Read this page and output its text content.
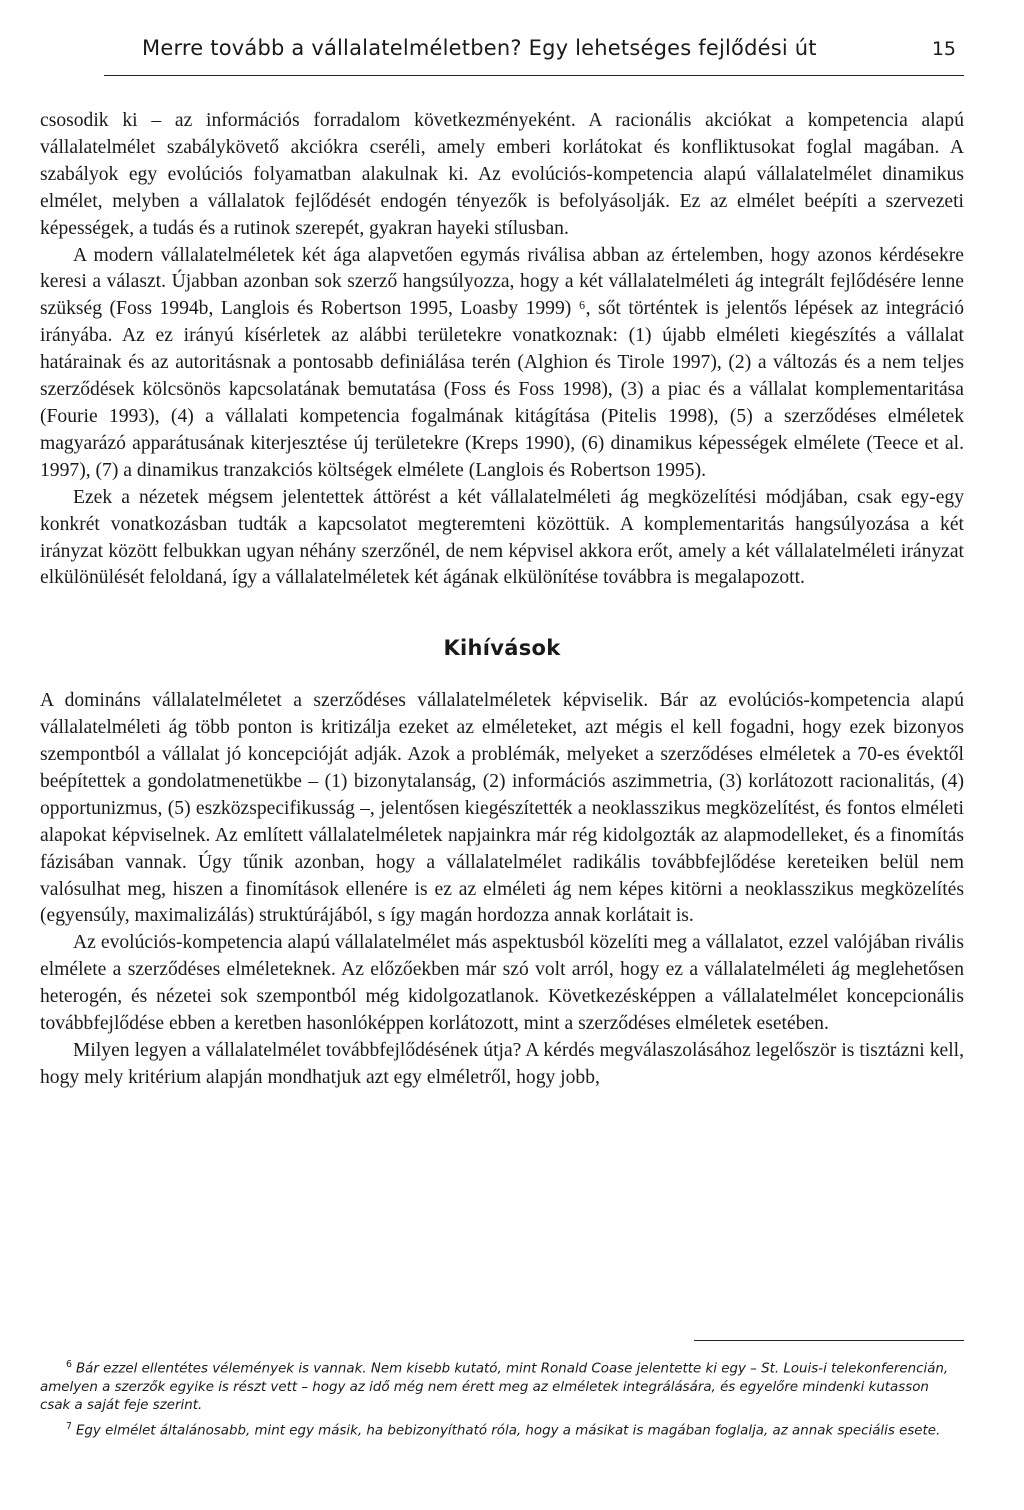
Merre tovább a vállalatelméletben? Egy lehetséges fejlődési út	15

csosodik ki – az információs forradalom következményeként. A racionális akciókat a kompetencia alapú vállalatelmélet szabálykövető akciókra cseréli, amely emberi korlátokat és konfliktusokat foglal magában. A szabályok egy evolúciós folyamatban alakulnak ki. Az evolúciós-kompetencia alapú vállalatelmélet dinamikus elmélet, melyben a vállalatok fejlődését endogén tényezők is befolyásolják. Ez az elmélet beépíti a szervezeti képességek, a tudás és a rutinok szerepét, gyakran hayeki stílusban.

A modern vállalatelméletek két ága alapvetően egymás riválisa abban az értelemben, hogy azonos kérdésekre keresi a választ. Újabban azonban sok szerző hangsúlyozza, hogy a két vállalatelméleti ág integrált fejlődésére lenne szükség (Foss 1994b, Langlois és Robertson 1995, Loasby 1999) ⁶, sőt történtek is jelentős lépések az integráció irányába. Az ez irányú kísérletek az alábbi területekre vonatkoznak: (1) újabb elméleti kiegészítés a vállalat határainak és az autoritásnak a pontosabb definiálása terén (Alghion és Tirole 1997), (2) a változás és a nem teljes szerződések kölcsönös kapcsolatának bemutatása (Foss és Foss 1998), (3) a piac és a vállalat komplementaritása (Fourie 1993), (4) a vállalati kompetencia fogalmának kitágítása (Pitelis 1998), (5) a szerződéses elméletek magyarázó apparátusának kiterjesztése új területekre (Kreps 1990), (6) dinamikus képességek elmélete (Teece et al. 1997), (7) a dinamikus tranzakciós költségek elmélete (Langlois és Robertson 1995).

Ezek a nézetek mégsem jelentettek áttörést a két vállalatelméleti ág megközelítési módjában, csak egy-egy konkrét vonatkozásban tudták a kapcsolatot megteremteni közöttük. A komplementaritás hangsúlyozása a két irányzat között felbukkan ugyan néhány szerzőnél, de nem képvisel akkora erőt, amely a két vállalatelméleti irányzat elkülönülését feloldaná, így a vállalatelméletek két ágának elkülönítése továbbra is megalapozott.

Kihívások

A domináns vállalatelméletet a szerződéses vállalatelméletek képviselik. Bár az evolúciós-kompetencia alapú vállalatelméleti ág több ponton is kritizálja ezeket az elméleteket, azt mégis el kell fogadni, hogy ezek bizonyos szempontból a vállalat jó koncepcióját adják. Azok a problémák, melyeket a szerződéses elméletek a 70-es évektől beépítettek a gondolatmenetükbe – (1) bizonytalanság, (2) információs aszimmetria, (3) korlátozott racionalitás, (4) opportunizmus, (5) eszközspecifikusság –, jelentősen kiegészítették a neoklasszikus megközelítést, és fontos elméleti alapokat képviselnek. Az említett vállalatelméletek napjainkra már rég kidolgozták az alapmodelleket, és a finomítás fázisában vannak. Úgy tűnik azonban, hogy a vállalatelmélet radikális továbbfejlődése kereteiken belül nem valósulhat meg, hiszen a finomítások ellenére is ez az elméleti ág nem képes kitörni a neoklasszikus megközelítés (egyensúly, maximalizálás) struktúrájából, s így magán hordozza annak korlátait is.

Az evolúciós-kompetencia alapú vállalatelmélet más aspektusból közelíti meg a vállalatot, ezzel valójában rivális elmélete a szerződéses elméleteknek. Az előzőekben már szó volt arról, hogy ez a vállalatelméleti ág meglehetősen heterogén, és nézetei sok szempontból még kidolgozatlanok. Következésképpen a vállalatelmélet koncepcionális továbbfejlődése ebben a keretben hasonlóképpen korlátozott, mint a szerződéses elméletek esetében.

Milyen legyen a vállalatelmélet továbbfejlődésének útja? A kérdés megválaszolásához legelőször is tisztázni kell, hogy mely kritérium alapján mondhatjuk azt egy elméletről, hogy jobb,

$^6$ Bár ezzel ellentétes vélemények is vannak. Nem kisebb kutató, mint Ronald Coase jelentette ki egy – St. Louis-i telekonferencián, amelyen a szerzők egyike is részt vett – hogy az idő még nem érett meg az elméletek integrálására, és egyelőre mindenki kutasson csak a saját feje szerint.

$^7$ Egy elmélet általánosabb, mint egy másik, ha bebizonyítható róla, hogy a másikat is magában foglalja, az annak speciális esete.
